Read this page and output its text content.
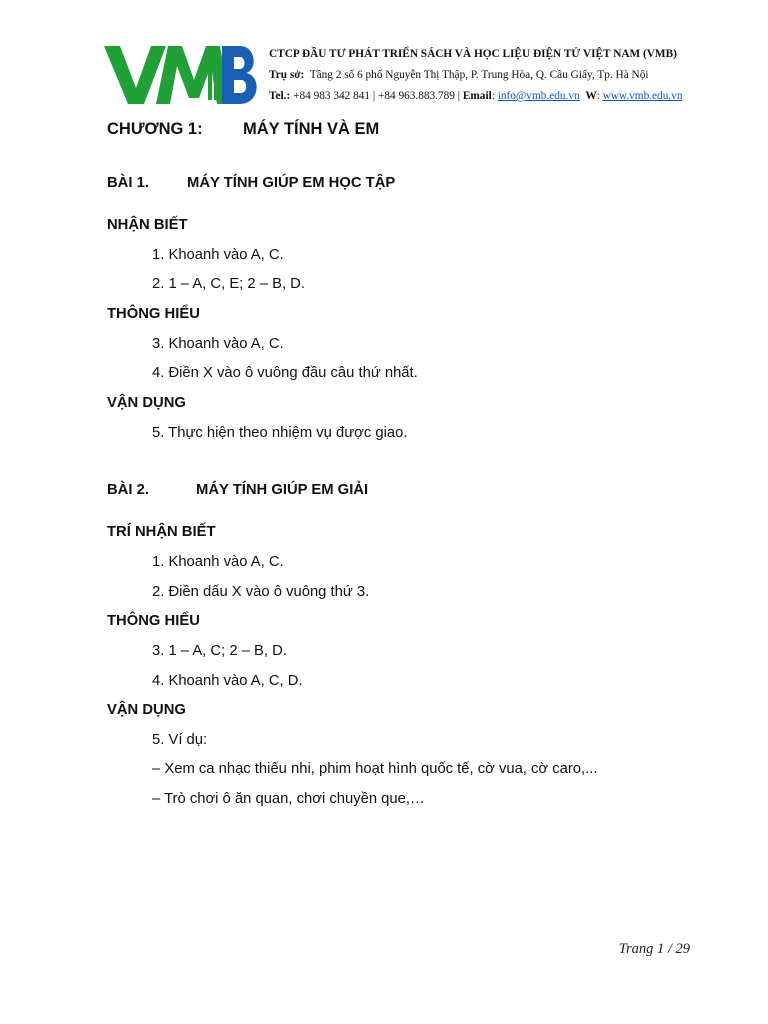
CTCP ĐẦU TƯ PHÁT TRIỂN SÁCH VÀ HỌC LIỆU ĐIỆN TỬ VIỆT NAM (VMB)
Trụ sở: Tầng 2 số 6 phố Nguyễn Thị Thập, P. Trung Hòa, Q. Cầu Giấy, Tp. Hà Nội
Tel.: +84 983 342 841 | +84 963.883.789 | Email: info@vmb.edu.vn W: www.vmb.edu.vn
CHƯƠNG 1: MÁY TÍNH VÀ EM
BÀI 1.	MÁY TÍNH GIÚP EM HỌC TẬP
NHẬN BIẾT
1. Khoanh vào A, C.
2. 1 – A, C, E; 2 – B, D.
THÔNG HIỂU
3. Khoanh vào A, C.
4. Điền X vào ô vuông đầu câu thứ nhất.
VẬN DỤNG
5. Thực hiện theo nhiệm vụ được giao.
BÀI 2.	MÁY TÍNH GIÚP EM GIẢI
TRÍ NHẬN BIẾT
1. Khoanh vào A, C.
2. Điền dấu X vào ô vuông thứ 3.
THÔNG HIỂU
3. 1 – A, C; 2 – B, D.
4. Khoanh vào A, C, D.
VẬN DỤNG
5. Ví dụ:
– Xem ca nhạc thiếu nhi, phim hoạt hình quốc tế, cờ vua, cờ caro,...
– Trò chơi ô ăn quan, chơi chuyền que,…
Trang 1 / 29
